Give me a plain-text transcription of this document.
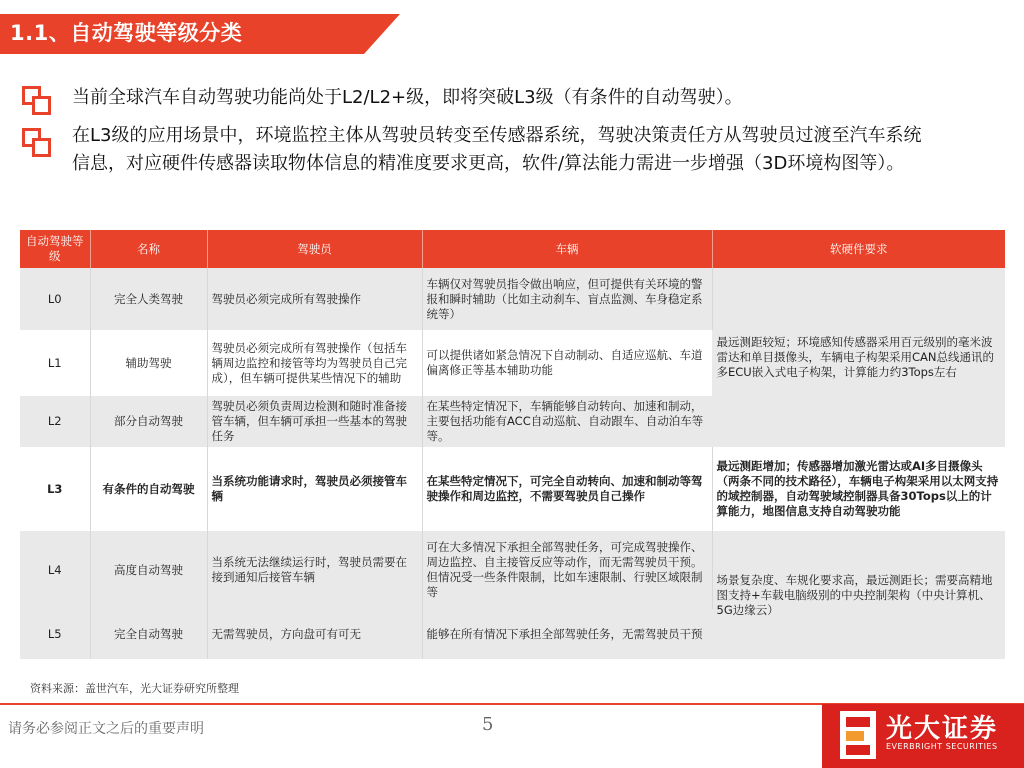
1.1、自动驾驶等级分类
当前全球汽车自动驾驶功能尚处于L2/L2+级，即将突破L3级（有条件的自动驾驶）。
在L3级的应用场景中，环境监控主体从驾驶员转变至传感器系统，驾驶决策责任方从驾驶员过渡至汽车系统信息，对应硬件传感器读取物体信息的精准度要求更高，软件/算法能力需进一步增强（3D环境构图等）。
自动驾驶等级	名称	驾驶员	车辆	软硬件要求
L0	完全人类驾驶	驾驶员必须完成所有驾驶操作	车辆仅对驾驶员指令做出响应，但可提供有关环境的警报和瞬时辅助（比如主动刹车、盲点监测、车身稳定系统等）	最远测距较短；环境感知传感器采用百元级别的毫米波雷达和单目摄像头，车辆电子构架采用CAN总线通讯的多ECU嵌入式电子构架，计算能力约3Tops左右
L1	辅助驾驶	驾驶员必须完成所有驾驶操作（包括车辆周边监控和接管等均为驾驶员自己完成），但车辆可提供某些情况下的辅助	可以提供诸如紧急情况下自动制动、自适应巡航、车道偏离修正等基本辅助功能	
L2	部分自动驾驶	驾驶员必须负责周边检测和随时准备接管车辆，但车辆可承担一些基本的驾驶任务	在某些特定情况下，车辆能够自动转向、加速和制动，主要包括功能有ACC自动巡航、自动跟车、自动泊车等等。	
L3	有条件的自动驾驶	当系统功能请求时，驾驶员必须接管车辆	在某些特定情况下，可完全自动转向、加速和制动等驾驶操作和周边监控，不需要驾驶员自己操作	最远测距增加；传感器增加激光雷达或AI多目摄像头（两条不同的技术路径），车辆电子构架采用以太网支持的域控制器，自动驾驶域控制器具备30Tops以上的计算能力，地图信息支持自动驾驶功能
L4	高度自动驾驶	当系统无法继续运行时，驾驶员需要在接到通知后接管车辆	可在大多情况下承担全部驾驶任务，可完成驾驶操作、周边监控、自主接管反应等动作，而无需驾驶员干预。但情况受一些条件限制，比如车速限制、行驶区域限制等	场景复杂度、车规化要求高，最远测距长；需要高精地图支持+车载电脑级别的中央控制架构（中央计算机、5G边缘云）
L5	完全自动驾驶	无需驾驶员，方向盘可有可无	能够在所有情况下承担全部驾驶任务，无需驾驶员干预	
资料来源：盖世汽车，光大证券研究所整理
请务必参阅正文之后的重要声明	5	光大证券
EVERBRIGHT SECURITIES
